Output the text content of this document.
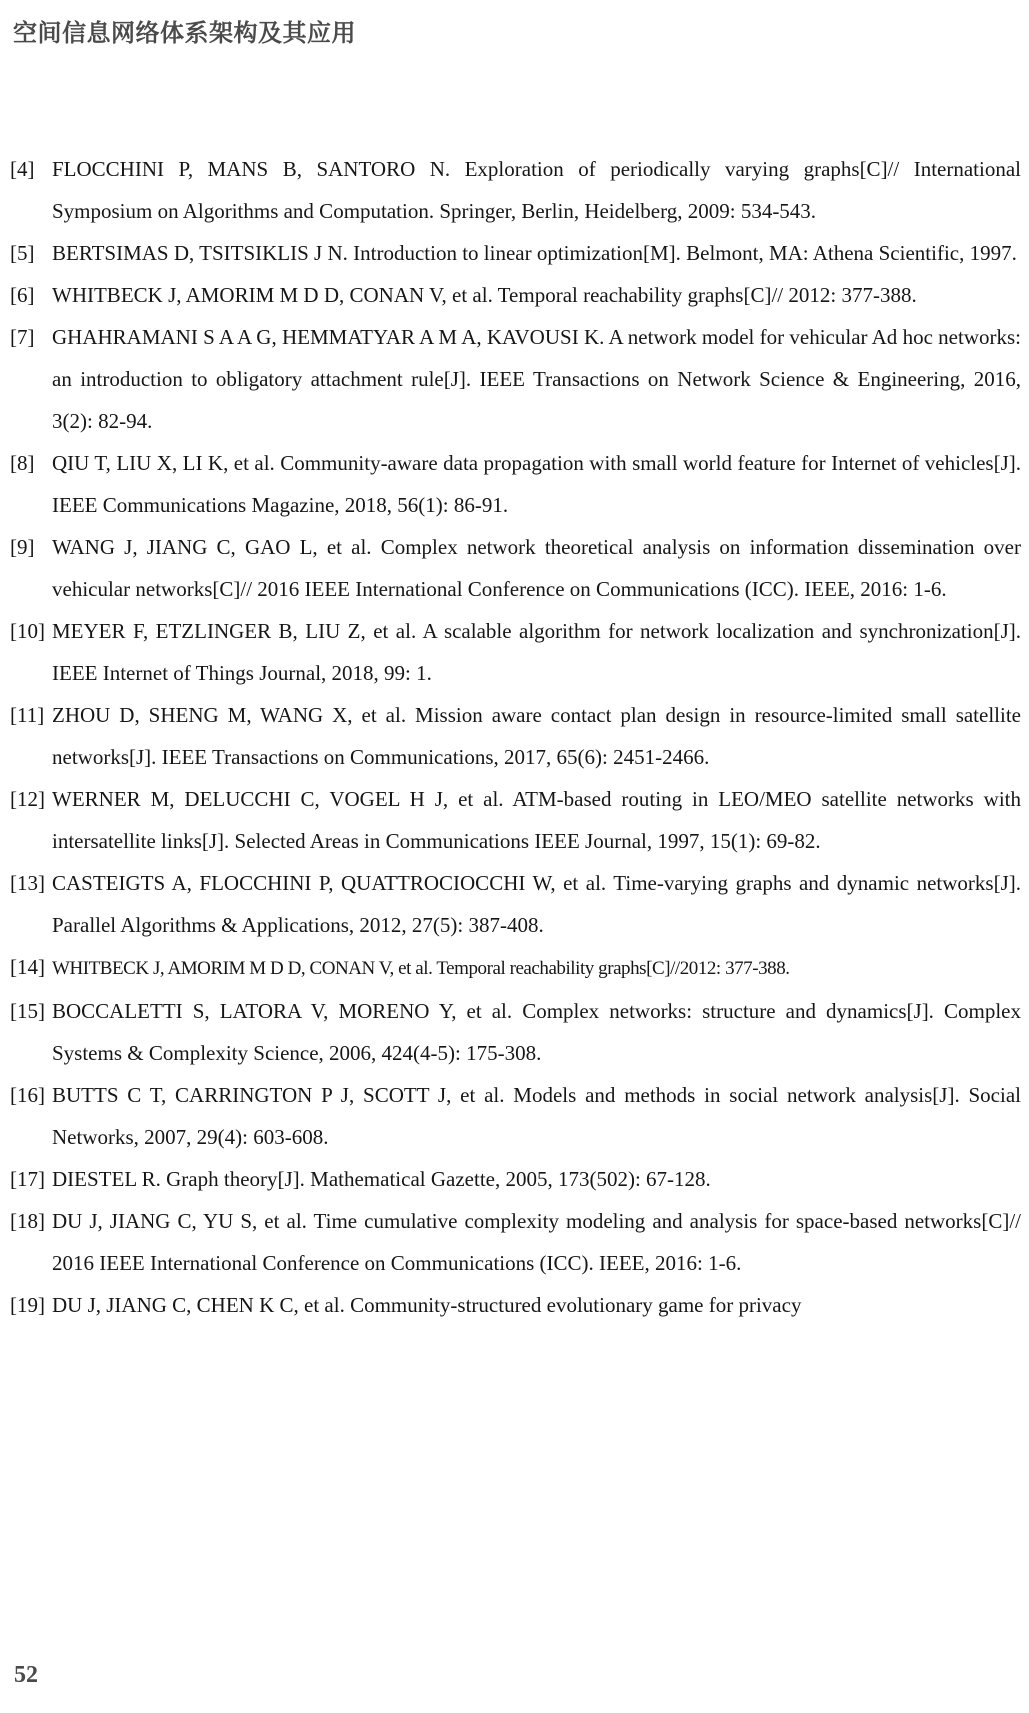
空间信息网络体系架构及其应用
[4] FLOCCHINI P, MANS B, SANTORO N. Exploration of periodically varying graphs[C]// International Symposium on Algorithms and Computation. Springer, Berlin, Heidelberg, 2009: 534-543.
[5] BERTSIMAS D, TSITSIKLIS J N. Introduction to linear optimization[M]. Belmont, MA: Athena Scientific, 1997.
[6] WHITBECK J, AMORIM M D D, CONAN V, et al. Temporal reachability graphs[C]// 2012: 377-388.
[7] GHAHRAMANI S A A G, HEMMATYAR A M A, KAVOUSI K. A network model for vehicular Ad hoc networks: an introduction to obligatory attachment rule[J]. IEEE Transactions on Network Science & Engineering, 2016, 3(2): 82-94.
[8] QIU T, LIU X, LI K, et al. Community-aware data propagation with small world feature for Internet of vehicles[J]. IEEE Communications Magazine, 2018, 56(1): 86-91.
[9] WANG J, JIANG C, GAO L, et al. Complex network theoretical analysis on information dissemination over vehicular networks[C]// 2016 IEEE International Conference on Communications (ICC). IEEE, 2016: 1-6.
[10] MEYER F, ETZLINGER B, LIU Z, et al. A scalable algorithm for network localization and synchronization[J]. IEEE Internet of Things Journal, 2018, 99: 1.
[11] ZHOU D, SHENG M, WANG X, et al. Mission aware contact plan design in resource-limited small satellite networks[J]. IEEE Transactions on Communications, 2017, 65(6): 2451-2466.
[12] WERNER M, DELUCCHI C, VOGEL H J, et al. ATM-based routing in LEO/MEO satellite networks with intersatellite links[J]. Selected Areas in Communications IEEE Journal, 1997, 15(1): 69-82.
[13] CASTEIGTS A, FLOCCHINI P, QUATTROCIOCCHI W, et al. Time-varying graphs and dynamic networks[J]. Parallel Algorithms & Applications, 2012, 27(5): 387-408.
[14] WHITBECK J, AMORIM M D D, CONAN V, et al. Temporal reachability graphs[C]//2012: 377-388.
[15] BOCCALETTI S, LATORA V, MORENO Y, et al. Complex networks: structure and dynamics[J]. Complex Systems & Complexity Science, 2006, 424(4-5): 175-308.
[16] BUTTS C T, CARRINGTON P J, SCOTT J, et al. Models and methods in social network analysis[J]. Social Networks, 2007, 29(4): 603-608.
[17] DIESTEL R. Graph theory[J]. Mathematical Gazette, 2005, 173(502): 67-128.
[18] DU J, JIANG C, YU S, et al. Time cumulative complexity modeling and analysis for space-based networks[C]// 2016 IEEE International Conference on Communications (ICC). IEEE, 2016: 1-6.
[19] DU J, JIANG C, CHEN K C, et al. Community-structured evolutionary game for privacy
52
